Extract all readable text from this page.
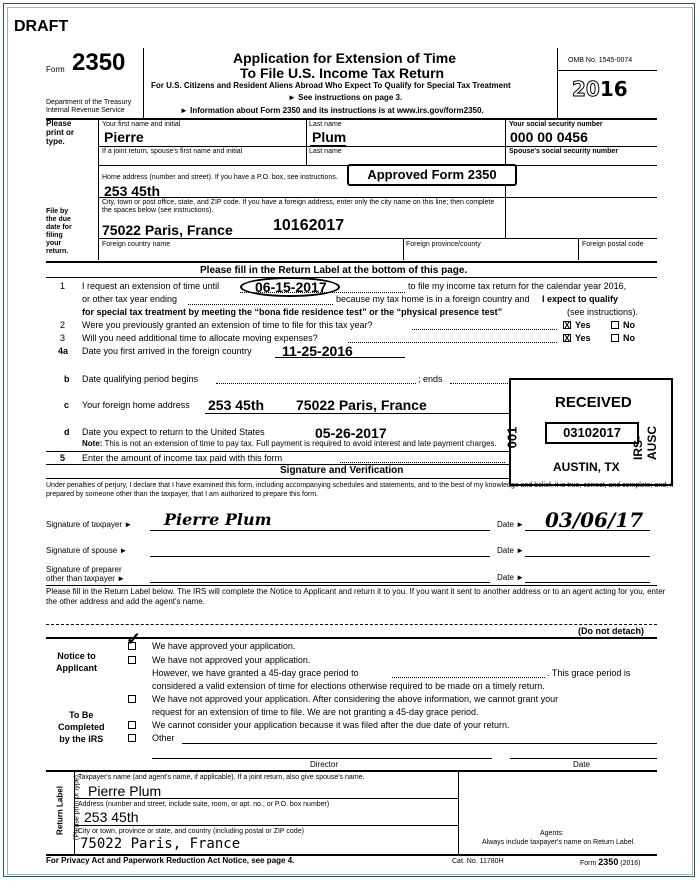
DRAFT
Form 2350
Department of the Treasury
Internal Revenue Service
Application for Extension of Time
To File U.S. Income Tax Return
For U.S. Citizens and Resident Aliens Abroad Who Expect To Qualify for Special Tax Treatment
► See instructions on page 3.
► Information about Form 2350 and its instructions is at www.irs.gov/form2350.
OMB No. 1545-0074
2016
Please
print or
type.
File by
the due
date for
filing
your
return.
Your first name and initial
Pierre
Last name
Plum
Your social security number
000 00 0456
If a joint return, spouse's first name and initial	Last name	Spouse's social security number
Home address (number and street). If you have a P.O. box, see instructions.
253 45th
Approved Form 2350
City, town or post office, state, and ZIP code. If you have a foreign address, enter only the city name on this line; then complete the spaces below (see instructions).
75022 Paris, France	10162017
Foreign country name	Foreign province/county	Foreign postal code
Please fill in the Return Label at the bottom of this page.
1 I request an extension of time until	06-15-2017	to file my income tax return for the calendar year 2016,
or other tax year ending	because my tax home is in a foreign country and I expect to qualify
for special tax treatment by meeting the “bona fide residence test” or the “physical presence test”	(see instructions).
2 Were you previously granted an extension of time to file for this tax year?	X Yes	No
3 Will you need additional time to allocate moving expenses?	X Yes	No
4a Date you first arrived in the foreign country 11-25-2016
b Date qualifying period begins	; ends
c Your foreign home address 253 45th 75022 Paris, France
d Date you expect to return to the United States	05-26-2017
Note: This is not an extension of time to pay tax. Full payment is required to avoid interest and late payment charges.
5 Enter the amount of income tax paid with this form
RECEIVED
03102017
AUSTIN, TX
001	IRS-AUSC
Signature and Verification
Under penalties of perjury, I declare that I have examined this form, including accompanying schedules and statements, and to the best of my knowledge and belief, it is true, correct, and complete; and, if prepared by someone other than the taxpayer, that I am authorized to prepare this form.
Signature of taxpayer ► Pierre Plum	Date ► 03/06/17
Signature of spouse ►	Date ►
Signature of preparer
other than taxpayer ►	Date ►
Please fill in the Return Label below. The IRS will complete the Notice to Applicant and return it to you. If you want it sent to another address or to an agent acting for you, enter the other address and add the agent's name.
(Do not detach)
Notice to
Applicant
To Be
Completed
by the IRS
✓ We have approved your application.
We have not approved your application.
However, we have granted a 45-day grace period to	. This grace period is
considered a valid extension of time for elections otherwise required to be made on a timely return.
We have not approved your application. After considering the above information, we cannot grant your
request for an extension of time to file. We are not granting a 45-day grace period.
We cannot consider your application because it was filed after the due date of your return.
Other
Director	Date
Return Label (Please print or type)
Taxpayer's name (and agent's name, if applicable). If a joint return, also give spouse's name.
Pierre Plum
Address (number and street, include suite, room, or apt. no., or P.O. box number)
253 45th
City or town, province or state, and country (including postal or ZIP code)
75022 Paris, France
Agents:
Always include taxpayer's name on Return Label.
For Privacy Act and Paperwork Reduction Act Notice, see page 4.	Cat. No. 11780H	Form 2350 (2016)
